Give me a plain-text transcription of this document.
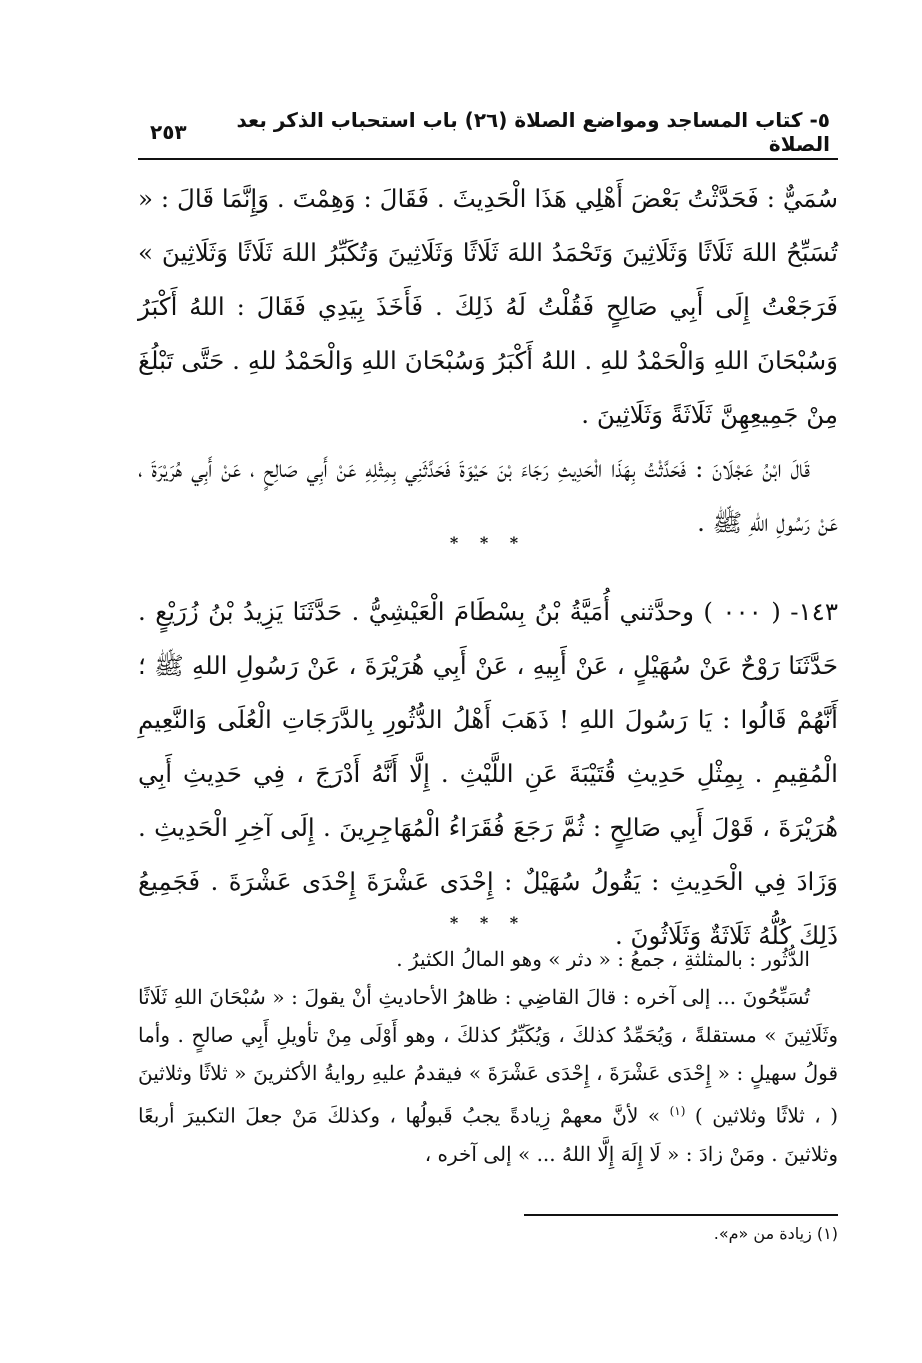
٥- كتاب المساجد ومواضع الصلاة (٢٦) باب استحباب الذكر بعد الصلاة
٢٥٣

سُمَيٌّ : فَحَدَّثْتُ بَعْضَ أَهْلِي هَذَا الْحَدِيثَ . فَقَالَ : وَهِمْتَ . وَإِنَّمَا قَالَ : « تُسَبِّحُ اللهَ ثَلَاثًا وَثَلَاثِينَ وَتَحْمَدُ اللهَ ثَلَاثًا وَثَلَاثِينَ وَتُكَبِّرُ اللهَ ثَلَاثًا وَثَلَاثِينَ » فَرَجَعْتُ إِلَى أَبِي صَالِحٍ فَقُلْتُ لَهُ ذَلِكَ . فَأَخَذَ بِيَدِي فَقَالَ : اللهُ أَكْبَرُ وَسُبْحَانَ اللهِ وَالْحَمْدُ للهِ . اللهُ أَكْبَرُ وَسُبْحَانَ اللهِ وَالْحَمْدُ للهِ . حَتَّى تَبْلُغَ مِنْ جَمِيعِهِنَّ ثَلَاثَةً وَثَلَاثِينَ .

قَالَ ابْنُ عَجْلَانَ : فَحَدَّثْتُ بِهَذَا الْحَدِيثِ رَجَاءَ بْنَ حَيْوَةَ فَحَدَّثَنِي بِمِثْلِهِ عَنْ أَبِي صَالِحٍ ، عَنْ أَبِي هُرَيْرَةَ ، عَنْ رَسُولِ اللهِ ﷺ .

* * *

١٤٣- ( ٠٠٠ ) وحدَّثني أُمَيَّةُ بْنُ بِسْطَامَ الْعَيْشِيُّ . حَدَّثَنَا يَزِيدُ بْنُ زُرَيْعٍ . حَدَّثَنَا رَوْحٌ عَنْ سُهَيْلٍ ، عَنْ أَبِيهِ ، عَنْ أَبِي هُرَيْرَةَ ، عَنْ رَسُولِ اللهِ ﷺ ؛ أَنَّهُمْ قَالُوا : يَا رَسُولَ اللهِ ! ذَهَبَ أَهْلُ الدُّثُورِ بِالدَّرَجَاتِ الْعُلَى وَالنَّعِيمِ الْمُقِيمِ . بِمِثْلِ حَدِيثِ قُتَيْبَةَ عَنِ اللَّيْثِ . إِلَّا أَنَّهُ أَدْرَجَ ، فِي حَدِيثِ أَبِي هُرَيْرَةَ ، قَوْلَ أَبِي صَالِحٍ : ثُمَّ رَجَعَ فُقَرَاءُ الْمُهَاجِرِينَ . إِلَى آخِرِ الْحَدِيثِ . وَزَادَ فِي الْحَدِيثِ : يَقُولُ سُهَيْلٌ : إِحْدَى عَشْرَةَ إِحْدَى عَشْرَةَ . فَجَمِيعُ ذَلِكَ كُلُّهُ ثَلَاثَةٌ وَثَلَاثُونَ .

* * *

الدُّثُور : بالمثلثةِ ، جمعُ : « دثر » وهو المالُ الكثيرُ .

تُسَبِّحُونَ ... إلى آخره : قالَ القاضِي : ظاهرُ الأحاديثِ أنْ يقولَ : « سُبْحَانَ اللهِ ثَلَاثًا وثَلَاثِينَ » مستقلةً ، وَيُحَمِّدُ كذلكَ ، وَيُكَبِّرُ كذلكَ ، وهو أَوْلَى مِنْ تأويلِ أَبِي صالحٍ . وأما قولُ سهيلٍ : « إِحْدَى عَشْرَةَ ، إِحْدَى عَشْرَةَ » فيقدمُ عليهِ روايةُ الأكثرينَ « ثلاثًا وثلاثينَ ( ، ثلاثًا وثلاثين ) $^{(١)}$ » لأنَّ معهمْ زِيادةً يجبُ قَبولُها ، وكذلكَ مَنْ جعلَ التكبيرَ أربعًا وثلاثينَ . ومَنْ زادَ : « لَا إِلَهَ إِلَّا اللهُ ... » إلى آخره ،

(١) زيادة من «م».
